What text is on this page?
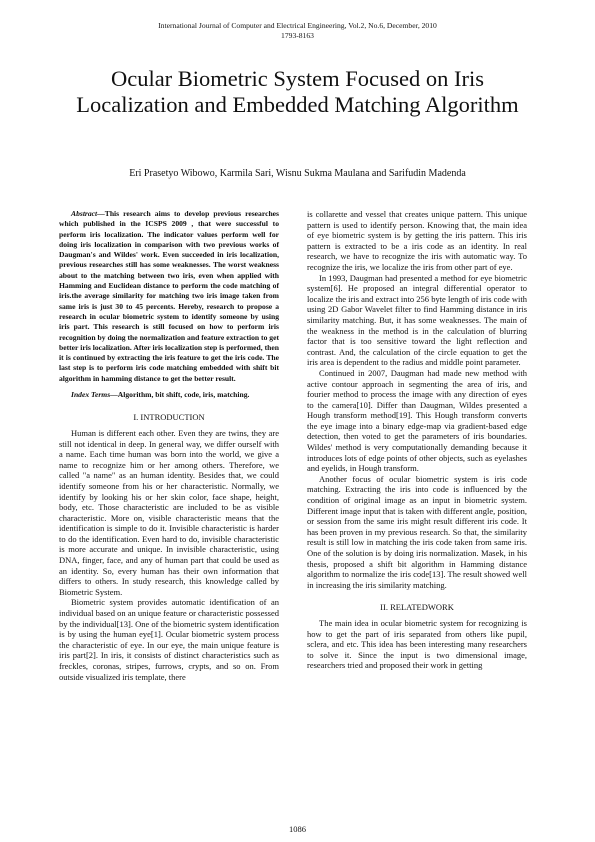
International Journal of Computer and Electrical Engineering, Vol.2, No.6, December, 2010
1793-8163
Ocular Biometric System Focused on Iris Localization and Embedded Matching Algorithm
Eri Prasetyo Wibowo, Karmila Sari, Wisnu Sukma Maulana and Sarifudin Madenda

Abstract—This research aims to develop previous researches which published in the ICSPS 2009 , that were successful to perform iris localization. The indicator values perform well for doing iris localization in comparison with two previous works of Daugman's and Wildes' work. Even succeeded in iris localization, previous researches still has some weaknesses. The worst weakness about to the matching between two iris, even when applied with Hamming and Euclidean distance to perform the code matching of iris.the average similarity for matching two iris image taken from same iris is just 30 to 45 percents. Hereby, research to propose a research in ocular biometric system to identify someone by using iris part. This research is still focused on how to perform iris recognition by doing the normalization and feature extraction to get better iris localization. After iris localization step is performed, then it is continued by extracting the iris feature to get the iris code. The last step is to perform iris code matching embedded with shift bit algorithm in hamming distance to get the better result.

Index Terms—Algorithm, bit shift, code, iris, matching.

I. INTRODUCTION

Human is different each other. Even they are twins, they are still not identical in deep. In general way, we differ ourself with a name. Each time human was born into the world, we give a name to recognize him or her among others. Therefore, we called "a name" as an human identity. Besides that, we could identify someone from his or her characteristic. Normally, we identify by looking his or her skin color, face shape, height, body, etc. Those characteristic are included to be as visible characteristic. More on, visible characteristic means that the identification is simple to do it. Invisible characteristic is harder to do the identification. Even hard to do, invisible characteristic is more accurate and unique. In invisible characteristic, using DNA, finger, face, and any of human part that could be used as an identity. So, every human has their own information that differs to others. In study research, this knowledge called by Biometric System.

Biometric system provides automatic identification of an individual based on an unique feature or characteristic possessed by the individual[13]. One of the biometric system identification is by using the human eye[1]. Ocular biometric system process the characteristic of eye. In our eye, the main unique feature is iris part[2]. In iris, it consists of distinct characteristics such as freckles, coronas, stripes, furrows, crypts, and so on. From outside visualized iris template, there

is collarette and vessel that creates unique pattern. This unique pattern is used to identify person. Knowing that, the main idea of eye biometric system is by getting the iris pattern. This iris pattern is extracted to be a iris code as an identity. In real research, we have to recognize the iris with automatic way. To recognize the iris, we localize the iris from other part of eye.

In 1993, Daugman had presented a method for eye biometric system[6]. He proposed an integral differential operator to localize the iris and extract into 256 byte length of iris code with using 2D Gabor Wavelet filter to find Hamming distance in iris similarity matching. But, it has some weaknesses. The main of the weakness in the method is in the calculation of blurring factor that is too sensitive toward the light reflection and contrast. And, the calculation of the circle equation to get the iris area is dependent to the radius and middle point parameter.

Continued in 2007, Daugman had made new method with active contour approach in segmenting the area of iris, and fourier method to process the image with any direction of eyes to the camera[10]. Differ than Daugman, Wildes presented a Hough transform method[19]. This Hough transform converts the eye image into a binary edge-map via gradient-based edge detection, then voted to get the parameters of iris boundaries. Wildes' method is very computationally demanding because it introduces lots of edge points of other objects, such as eyelashes and eyelids, in Hough transform.

Another focus of ocular biometric system is iris code matching. Extracting the iris into code is influenced by the condition of original image as an input in biometric system. Different image input that is taken with different angle, position, or session from the same iris might result different iris code. It has been proven in my previous research. So that, the similarity result is still low in matching the iris code taken from same iris. One of the solution is by doing iris normalization. Masek, in his thesis, proposed a shift bit algorithm in Hamming distance algorithm to normalize the iris code[13]. The result showed well in increasing the iris similarity matching.

II. RELATEDWORK

The main idea in ocular biometric system for recognizing is how to get the part of iris separated from others like pupil, sclera, and etc. This idea has been interesting many researchers to solve it. Since the input is two dimensional image, researchers tried and proposed their work in getting

1086
